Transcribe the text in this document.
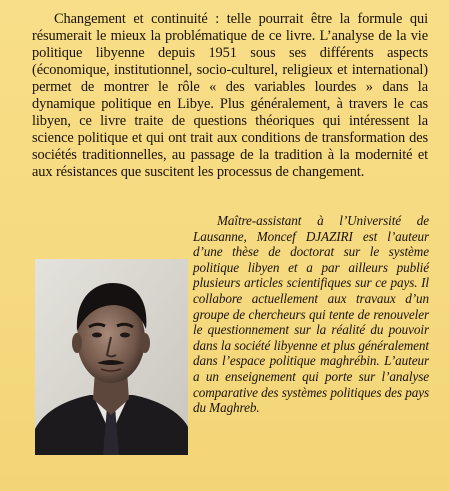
Changement et continuité : telle pourrait être la formule qui résumerait le mieux la problématique de ce livre. L’analyse de la vie politique libyenne depuis 1951 sous ses différents aspects (économique, institutionnel, socio-culturel, religieux et international) permet de montrer le rôle « des variables lourdes » dans la dynamique politique en Libye. Plus généralement, à travers le cas libyen, ce livre traite de questions théoriques qui intéressent la science politique et qui ont trait aux conditions de transformation des sociétés traditionnelles, au passage de la tradition à la modernité et aux résistances que suscitent les processus de changement.

Maître-assistant à l’Université de Lausanne, Moncef DJAZIRI est l’auteur d’une thèse de doctorat sur le système politique libyen et a par ailleurs publié plusieurs articles scientifiques sur ce pays. Il collabore actuellement aux travaux d’un groupe de chercheurs qui tente de renouveler le questionnement sur la réalité du pouvoir dans la société libyenne et plus généralement dans l’espace politique maghrébin. L’auteur a un enseignement qui porte sur l’analyse comparative des systèmes politiques des pays du Maghreb.
